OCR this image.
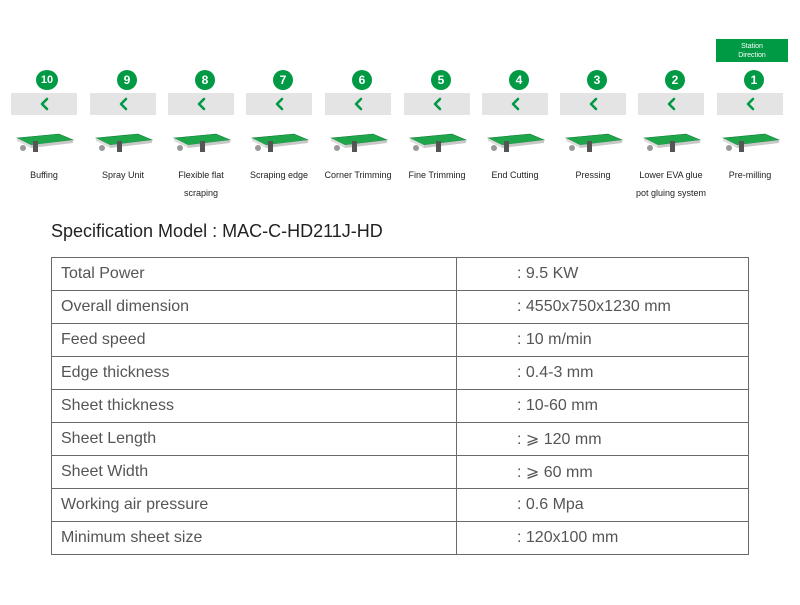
Station
Direction
10
Buffing
9
Spray Unit
8
Flexible flat
scraping
7
Scraping edge
6
Corner Trimming
5
Fine Trimming
4
End Cutting
3
Pressing
2
Lower EVA glue
pot gluing system
1
Pre-milling
Specification Model : MAC-C-HD211J-HD
Total Power	: 9.5 KW
Overall dimension	: 4550x750x1230 mm
Feed speed	: 10 m/min
Edge thickness	: 0.4-3 mm
Sheet thickness	: 10-60 mm
Sheet Length	: ⩾ 120 mm
Sheet Width	: ⩾ 60 mm
Working air pressure	: 0.6 Mpa
Minimum sheet size	: 120x100 mm
